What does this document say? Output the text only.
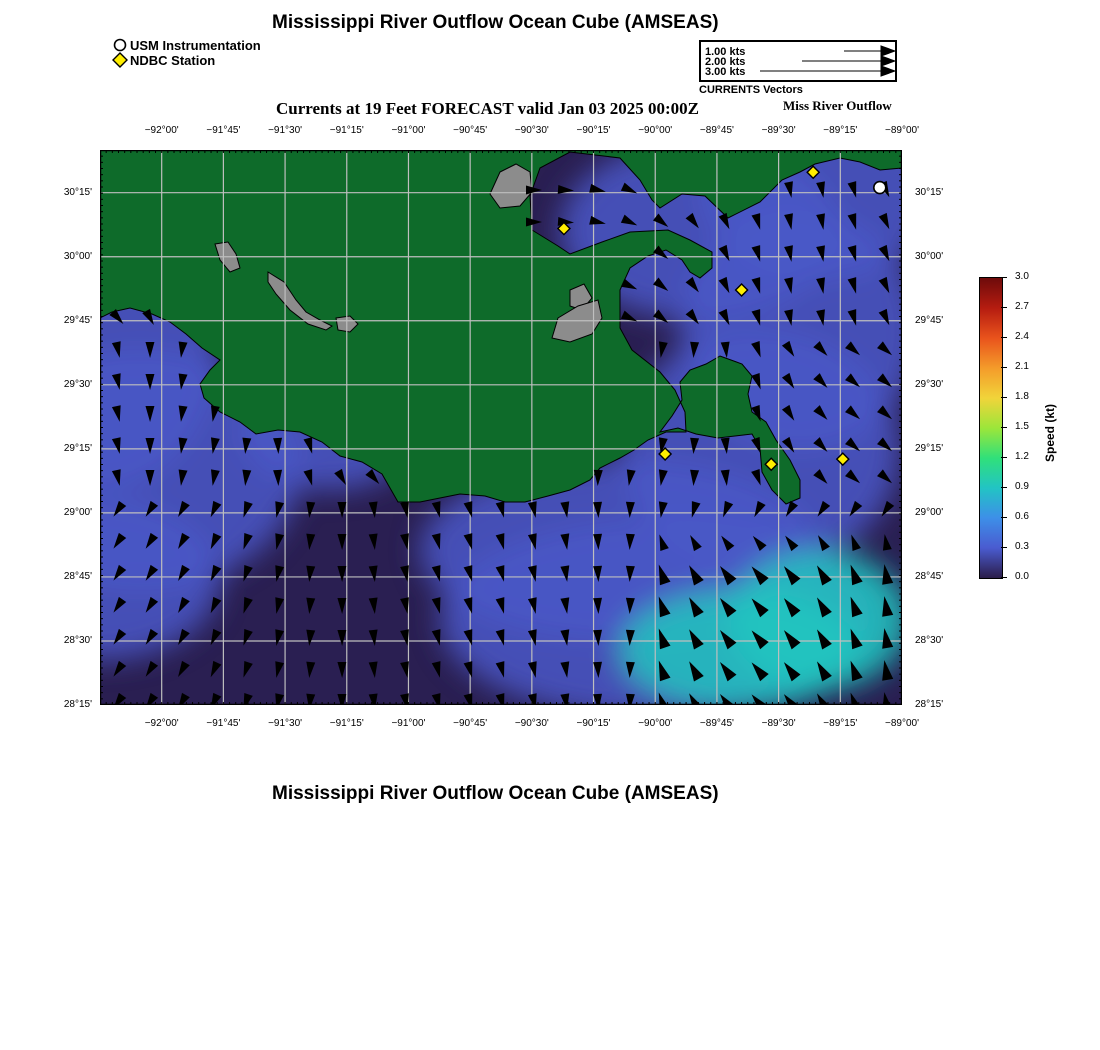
Mississippi River Outflow Ocean Cube (AMSEAS)
USM Instrumentation
NDBC Station
1.00 kts
2.00 kts
3.00 kts
CURRENTS Vectors
Currents at 19 Feet FORECAST valid Jan 03 2025 00:00Z	Miss River Outflow
−92°00'	−91°45'	−91°30'	−91°15'	−91°00'	−90°45'	−90°30'	−90°15'	−90°00'	−89°45'	−89°30'	−89°15'	−89°00'
−92°00'	−91°45'	−91°30'	−91°15'	−91°00'	−90°45'	−90°30'	−90°15'	−90°00'	−89°45'	−89°30'	−89°15'	−89°00'
30°15'
30°00'
29°45'
29°30'
29°15'
29°00'
28°45'
28°30'
28°15'
30°15'
30°00'
29°45'
29°30'
29°15'
29°00'
28°45'
28°30'
28°15'
3.0
2.7
2.4
2.1
1.8
1.5
1.2
0.9
0.6
0.3
0.0
Speed (kt)
Mississippi River Outflow Ocean Cube (AMSEAS)
